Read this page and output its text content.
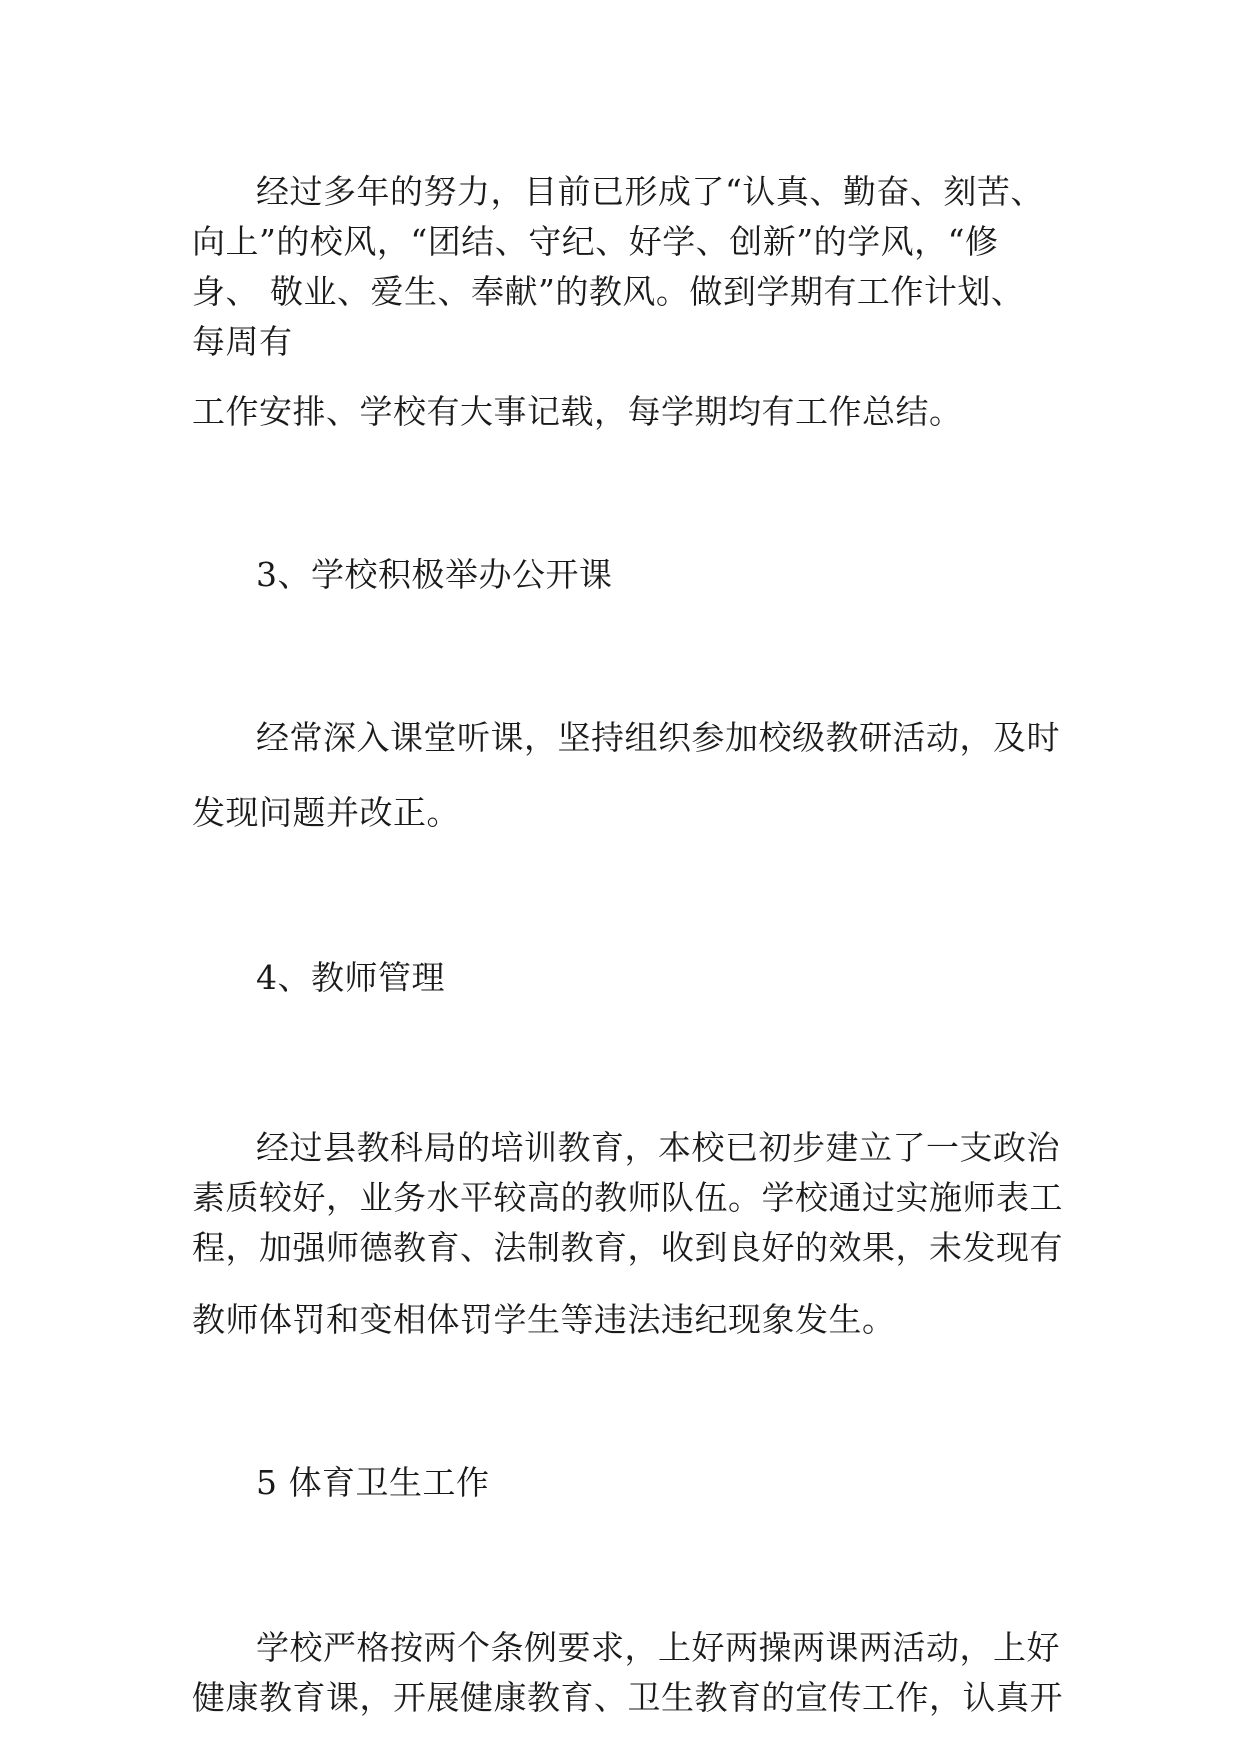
经过多年的努力，目前已形成了“认真、勤奋、刻苦、

向上”的校风，“团结、守纪、好学、创新”的学风，“修

身、 敬业、爱生、奉献”的教风。做到学期有工作计划、

每周有

工作安排、学校有大事记载，每学期均有工作总结。

3、学校积极举办公开课

经常深入课堂听课，坚持组织参加校级教研活动，及时

发现问题并改正。

4、教师管理

经过县教科局的培训教育，本校已初步建立了一支政治

素质较好，业务水平较高的教师队伍。学校通过实施师表工

程，加强师德教育、法制教育，收到良好的效果，未发现有

教师体罚和变相体罚学生等违法违纪现象发生。

5 体育卫生工作

学校严格按两个条例要求，上好两操两课两活动，上好

健康教育课，开展健康教育、卫生教育的宣传工作，认真开
